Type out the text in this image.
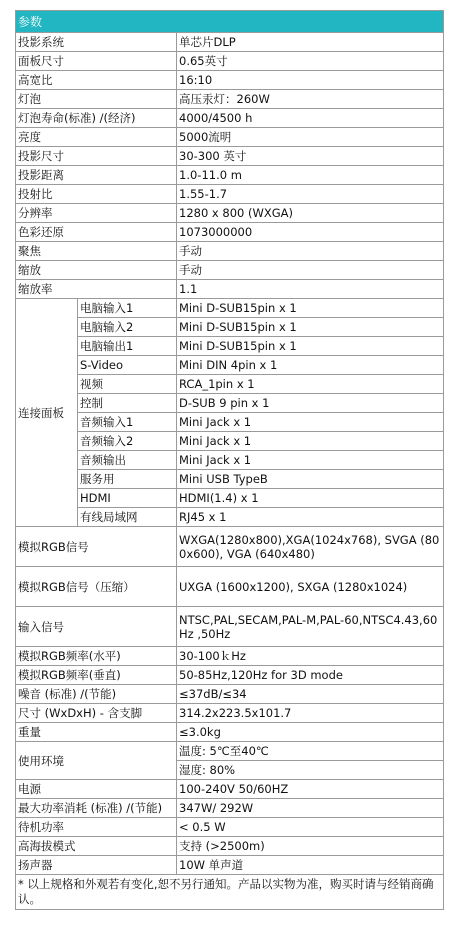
参数		
投影系统		单芯片DLP
面板尺寸		0.65英寸
高宽比		16:10
灯泡		高压汞灯：260W
灯泡寿命(标准) /(经济)		4000/4500 h
亮度		5000流明
投影尺寸		30-300 英寸
投影距离		1.0-11.0 m
投射比		1.55-1.7
分辨率		1280 x 800 (WXGA)
色彩还原		1073000000
聚焦		手动
缩放		手动
缩放率		1.1
连接面板	电脑输入1	Mini D-SUB15pin x 1
	电脑输入2	Mini D-SUB15pin x 1
	电脑输出1	Mini D-SUB15pin x 1
	S-Video	Mini DIN 4pin x 1
	视频	RCA_1pin x 1
	控制	D-SUB 9 pin x 1
	音频输入1	Mini Jack x 1
	音频输入2	Mini Jack x 1
	音频输出	Mini Jack x 1
	服务用	Mini USB TypeB
	HDMI	HDMI(1.4) x 1
	有线局域网	RJ45 x 1
模拟RGB信号		WXGA(1280x800),XGA(1024x768), SVGA (800x600), VGA (640x480)
模拟RGB信号（压缩）		UXGA (1600x1200), SXGA (1280x1024)
输入信号		NTSC,PAL,SECAM,PAL-M,PAL-60,NTSC4.43,60Hz ,50Hz
模拟RGB频率(水平)		30-100ｋHz
模拟RGB频率(垂直)		50-85Hz,120Hz for 3D mode
噪音 (标准) /(节能)		≤37dB/≤34
尺寸 (WxDxH) - 含支脚		314.2x223.5x101.7
重量		≤3.0kg
使用环境		温度: 5℃至40℃
		湿度: 80%
电源		100-240V 50/60HZ
最大功率消耗 (标准) /(节能)		347W/ 292W
待机功率		< 0.5 W
高海拔模式		支持 (>2500m)
扬声器		10W 单声道
* 以上规格和外观若有变化,恕不另行通知。产品以实物为准，购买时请与经销商确认。		
